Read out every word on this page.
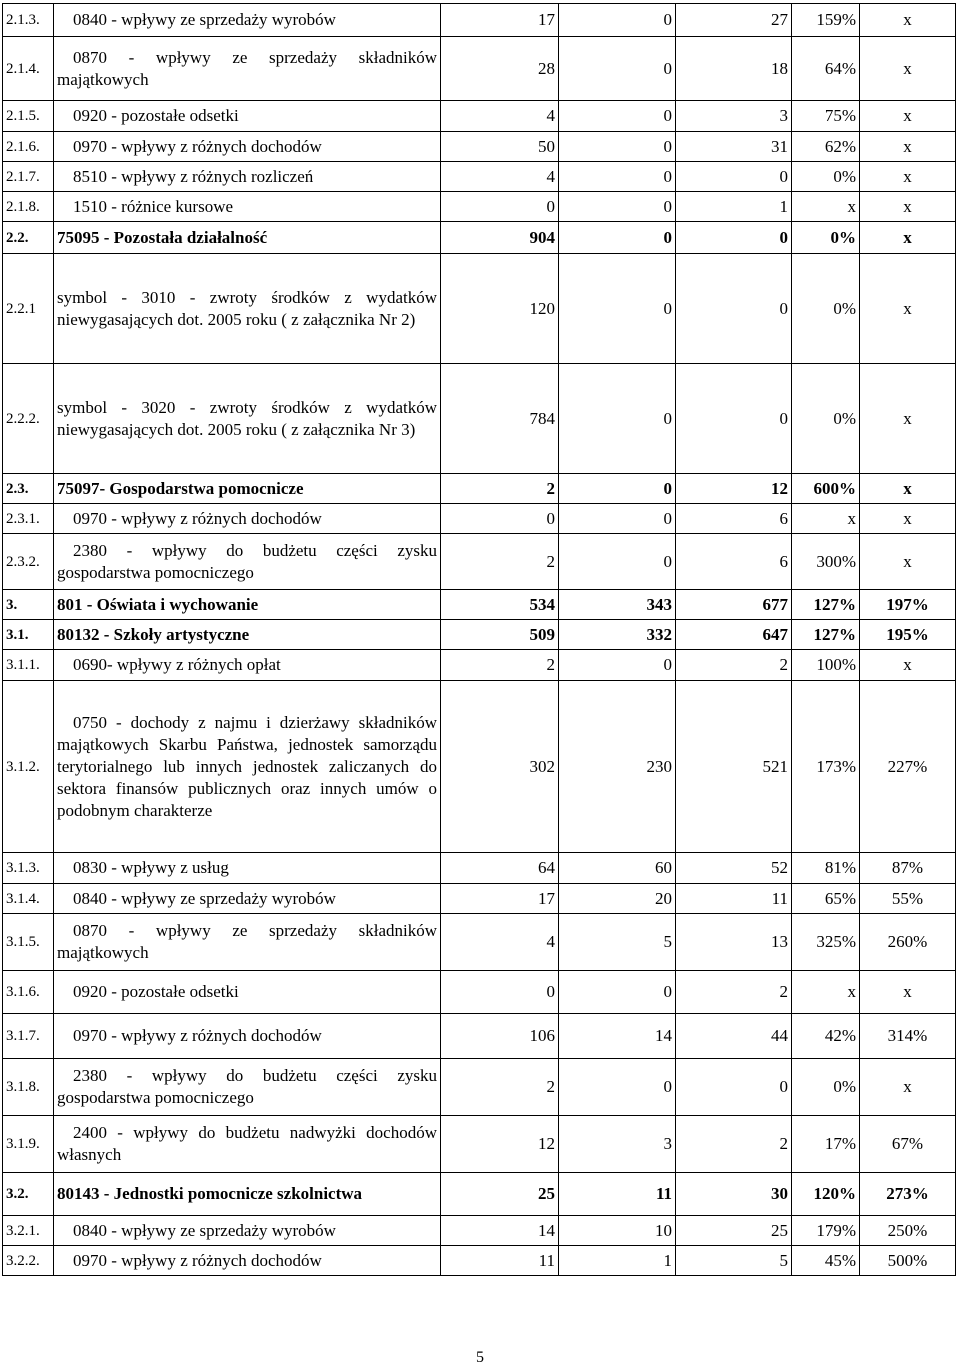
2.1.3.	0840 - wpływy ze sprzedaży wyrobów	17	0	27	159%	x
2.1.4.	0870 - wpływy ze sprzedaży składników majątkowych	28	0	18	64%	x
2.1.5.	0920 - pozostałe odsetki	4	0	3	75%	x
2.1.6.	0970 - wpływy z różnych dochodów	50	0	31	62%	x
2.1.7.	8510 - wpływy z różnych rozliczeń	4	0	0	0%	x
2.1.8.	1510 - różnice kursowe	0	0	1	x	x
2.2.	75095 - Pozostała działalność	904	0	0	0%	x
2.2.1	symbol - 3010 - zwroty środków z wydatków niewygasających dot. 2005 roku ( z załącznika Nr 2)	120	0	0	0%	x
2.2.2.	symbol - 3020 - zwroty środków z wydatków niewygasających dot. 2005 roku ( z załącznika Nr 3)	784	0	0	0%	x
2.3.	75097- Gospodarstwa pomocnicze	2	0	12	600%	x
2.3.1.	0970 - wpływy z różnych dochodów	0	0	6	x	x
2.3.2.	2380 - wpływy do budżetu części zysku gospodarstwa pomocniczego	2	0	6	300%	x
3.	801 - Oświata i wychowanie	534	343	677	127%	197%
3.1.	80132 - Szkoły artystyczne	509	332	647	127%	195%
3.1.1.	0690- wpływy z różnych opłat	2	0	2	100%	x
3.1.2.	0750 - dochody z najmu i dzierżawy składników majątkowych Skarbu Państwa, jednostek samorządu terytorialnego lub innych jednostek zaliczanych do sektora finansów publicznych oraz innych umów o podobnym charakterze	302	230	521	173%	227%
3.1.3.	0830 - wpływy z usług	64	60	52	81%	87%
3.1.4.	0840 - wpływy ze sprzedaży wyrobów	17	20	11	65%	55%
3.1.5.	0870 - wpływy ze sprzedaży składników majątkowych	4	5	13	325%	260%
3.1.6.	0920 - pozostałe odsetki	0	0	2	x	x
3.1.7.	0970 - wpływy z różnych dochodów	106	14	44	42%	314%
3.1.8.	2380 - wpływy do budżetu części zysku gospodarstwa pomocniczego	2	0	0	0%	x
3.1.9.	2400 - wpływy do budżetu nadwyżki dochodów własnych	12	3	2	17%	67%
3.2.	80143 - Jednostki pomocnicze szkolnictwa	25	11	30	120%	273%
3.2.1.	0840 - wpływy ze sprzedaży wyrobów	14	10	25	179%	250%
3.2.2.	0970 - wpływy z różnych dochodów	11	1	5	45%	500%
5
